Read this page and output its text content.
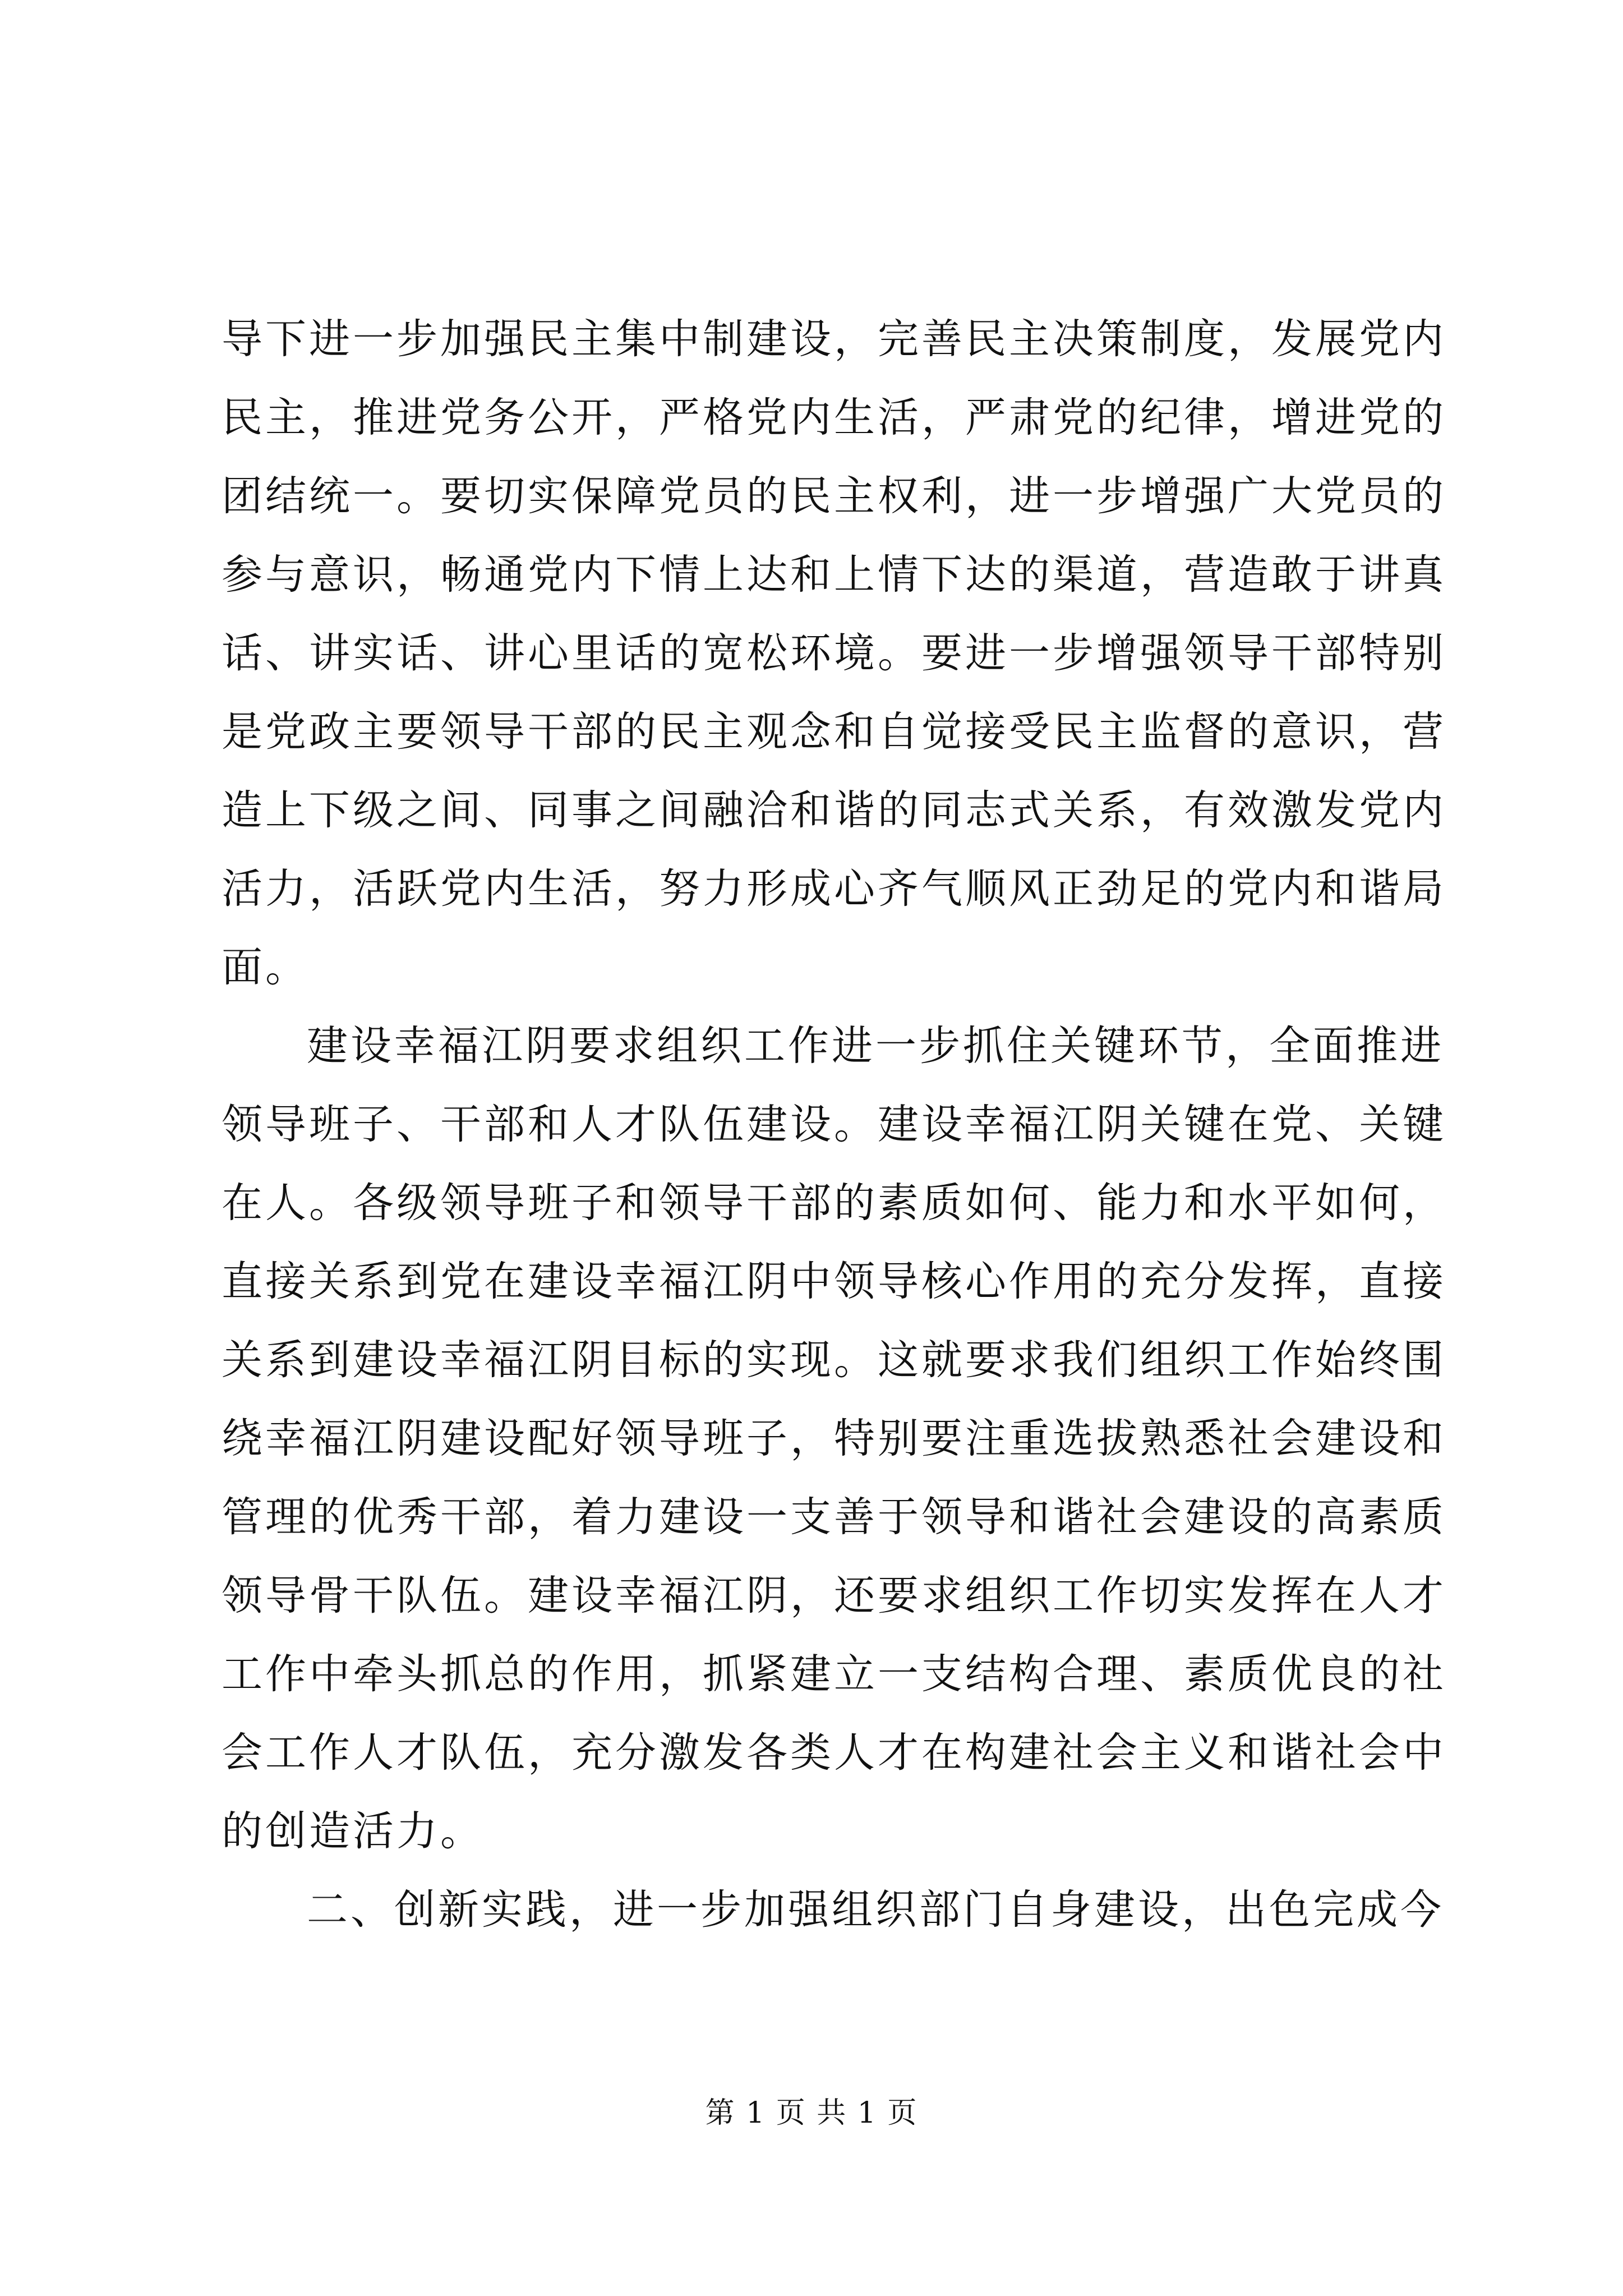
导下进一步加强民主集中制建设，完善民主决策制度，发展党内
民主，推进党务公开，严格党内生活，严肃党的纪律，增进党的
团结统一。要切实保障党员的民主权利，进一步增强广大党员的
参与意识，畅通党内下情上达和上情下达的渠道，营造敢于讲真
话、讲实话、讲心里话的宽松环境。要进一步增强领导干部特别
是党政主要领导干部的民主观念和自觉接受民主监督的意识，营
造上下级之间、同事之间融洽和谐的同志式关系，有效激发党内
活力，活跃党内生活，努力形成心齐气顺风正劲足的党内和谐局
面。
建设幸福江阴要求组织工作进一步抓住关键环节，全面推进
领导班子、干部和人才队伍建设。建设幸福江阴关键在党、关键
在人。各级领导班子和领导干部的素质如何、能力和水平如何，
直接关系到党在建设幸福江阴中领导核心作用的充分发挥，直接
关系到建设幸福江阴目标的实现。这就要求我们组织工作始终围
绕幸福江阴建设配好领导班子，特别要注重选拔熟悉社会建设和
管理的优秀干部，着力建设一支善于领导和谐社会建设的高素质
领导骨干队伍。建设幸福江阴，还要求组织工作切实发挥在人才
工作中牵头抓总的作用，抓紧建立一支结构合理、素质优良的社
会工作人才队伍，充分激发各类人才在构建社会主义和谐社会中
的创造活力。
二、创新实践，进一步加强组织部门自身建设，出色完成今
第 1 页 共 1 页
